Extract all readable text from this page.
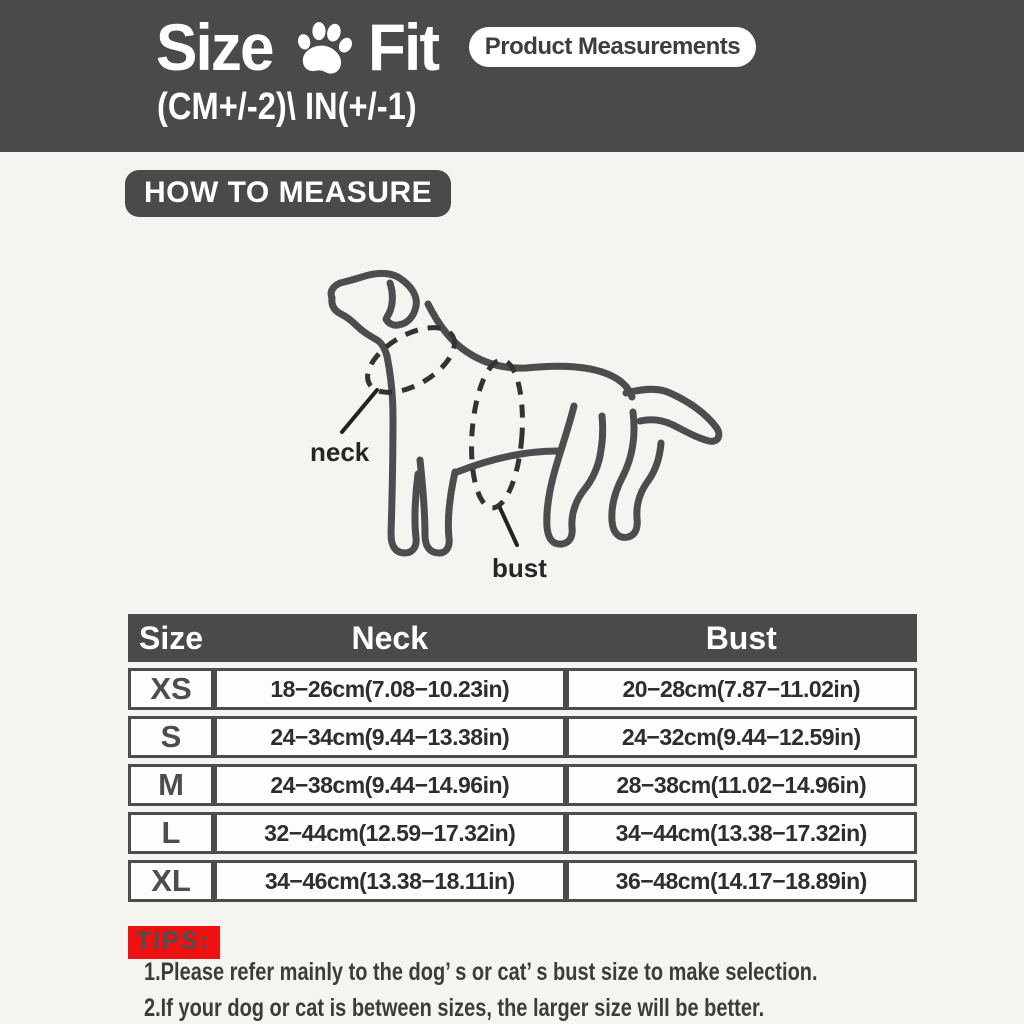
Size Fit	Product Measurements
(CM+/-2)\ IN(+/-1)
HOW TO MEASURE
neck
bust
Size	Neck	Bust
XS	18−26cm(7.08−10.23in)	20−28cm(7.87−11.02in)
S	24−34cm(9.44−13.38in)	24−32cm(9.44−12.59in)
M	24−38cm(9.44−14.96in)	28−38cm(11.02−14.96in)
L	32−44cm(12.59−17.32in)	34−44cm(13.38−17.32in)
XL	34−46cm(13.38−18.11in)	36−48cm(14.17−18.89in)
TIPS:
1.Please refer mainly to the dog’ s or cat’ s bust size to make selection.
2.If your dog or cat is between sizes, the larger size will be better.
